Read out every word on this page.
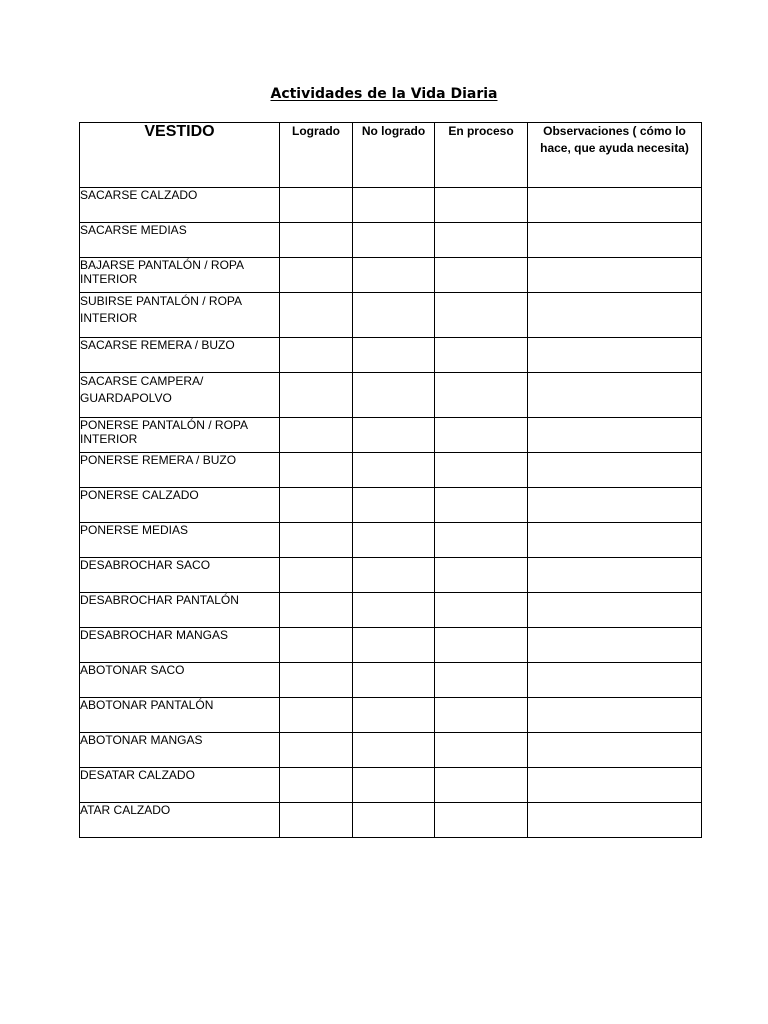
Actividades de la Vida Diaria
VESTIDO	Logrado	No logrado	En proceso	Observaciones ( cómo lo hace, que ayuda necesita)
SACARSE CALZADO				
SACARSE MEDIAS				
BAJARSE PANTALÓN / ROPA INTERIOR				
SUBIRSE PANTALÓN / ROPA INTERIOR				
SACARSE REMERA / BUZO				
SACARSE CAMPERA/ GUARDAPOLVO				
PONERSE PANTALÓN / ROPA INTERIOR				
PONERSE REMERA / BUZO				
PONERSE CALZADO				
PONERSE MEDIAS				
DESABROCHAR SACO				
DESABROCHAR PANTALÓN				
DESABROCHAR MANGAS				
ABOTONAR SACO				
ABOTONAR PANTALÓN				
ABOTONAR MANGAS				
DESATAR CALZADO				
ATAR CALZADO				
